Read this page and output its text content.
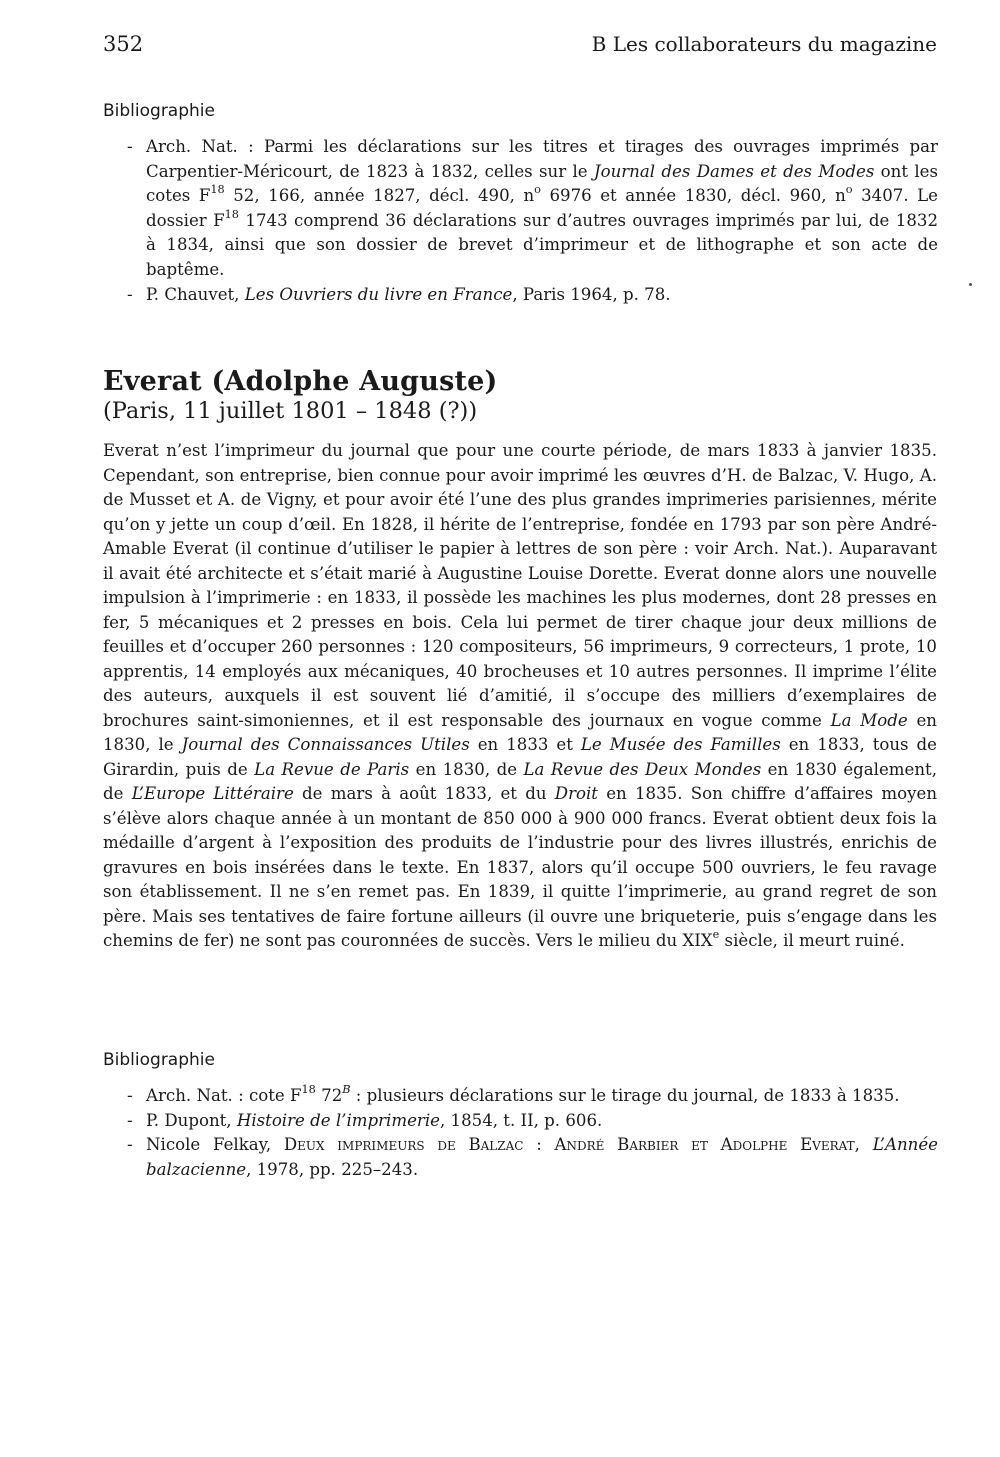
352	B Les collaborateurs du magazine
Bibliographie
- Arch. Nat. : Parmi les déclarations sur les titres et tirages des ouvrages imprimés par Carpentier-Méricourt, de 1823 à 1832, celles sur le Journal des Dames et des Modes ont les cotes $F^{18}$ 52, 166, année 1827, décl. 490, $n^o$ 6976 et année 1830, décl. 960, $n^o$ 3407. Le dossier $F^{18}$ 1743 comprend 36 déclarations sur d’autres ouvrages imprimés par lui, de 1832 à 1834, ainsi que son dossier de brevet d’imprimeur et de lithographe et son acte de baptême.
- P. Chauvet, Les Ouvriers du livre en France, Paris 1964, p. 78.
Everat (Adolphe Auguste)
(Paris, 11 juillet 1801 – 1848 (?))

Everat n’est l’imprimeur du journal que pour une courte période, de mars 1833 à janvier 1835. Cependant, son entreprise, bien connue pour avoir imprimé les œuvres d’H. de Balzac, V. Hugo, A. de Musset et A. de Vigny, et pour avoir été l’une des plus grandes imprimeries parisiennes, mérite qu’on y jette un coup d’œil. En 1828, il hérite de l’entreprise, fondée en 1793 par son père André-Amable Everat (il continue d’utiliser le papier à lettres de son père : voir Arch. Nat.). Auparavant il avait été architecte et s’était marié à Augustine Louise Dorette. Everat donne alors une nouvelle impulsion à l’imprimerie : en 1833, il possède les machines les plus modernes, dont 28 presses en fer, 5 mécaniques et 2 presses en bois. Cela lui permet de tirer chaque jour deux millions de feuilles et d’occuper 260 personnes : 120 compositeurs, 56 imprimeurs, 9 correcteurs, 1 prote, 10 apprentis, 14 employés aux mécaniques, 40 brocheuses et 10 autres personnes. Il imprime l’élite des auteurs, auxquels il est souvent lié d’amitié, il s’occupe des milliers d’exemplaires de brochures saint-simoniennes, et il est responsable des journaux en vogue comme La Mode en 1830, le Journal des Connaissances Utiles en 1833 et Le Musée des Familles en 1833, tous de Girardin, puis de La Revue de Paris en 1830, de La Revue des Deux Mondes en 1830 également, de L’Europe Littéraire de mars à août 1833, et du Droit en 1835. Son chiffre d’affaires moyen s’élève alors chaque année à un montant de 850 000 à 900 000 francs. Everat obtient deux fois la médaille d’argent à l’exposition des produits de l’industrie pour des livres illustrés, enrichis de gravures en bois insérées dans le texte. En 1837, alors qu’il occupe 500 ouvriers, le feu ravage son établissement. Il ne s’en remet pas. En 1839, il quitte l’imprimerie, au grand regret de son père. Mais ses tentatives de faire fortune ailleurs (il ouvre une briqueterie, puis s’engage dans les chemins de fer) ne sont pas couronnées de succès. Vers le milieu du XIXe siècle, il meurt ruiné.

Bibliographie
- Arch. Nat. : cote $F^{18}$ $72^B$ : plusieurs déclarations sur le tirage du journal, de 1833 à 1835.
- P. Dupont, Histoire de l’imprimerie, 1854, t. II, p. 606.
- Nicole Felkay, Deux imprimeurs de Balzac : André Barbier et Adolphe Everat, L’Année balzacienne, 1978, pp. 225–243.
